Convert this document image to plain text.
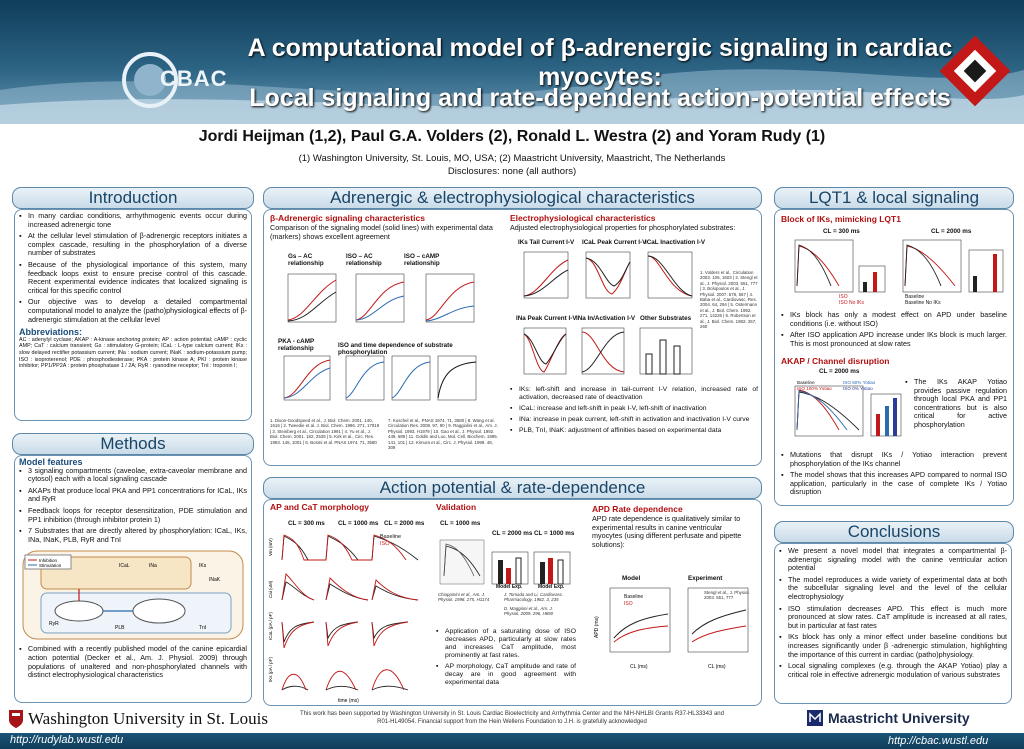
CBAC
A computational model of β-adrenergic signaling in cardiac myocytes:
Local signaling and rate-dependent action-potential effects
Jordi Heijman (1,2), Paul G.A. Volders (2), Ronald L. Westra (2) and Yoram Rudy (1)
(1) Washington University, St. Louis, MO, USA; (2) Maastricht University, Maastricht, The Netherlands
Disclosures: none (all authors)
Introduction
▪ In many cardiac conditions, arrhythmogenic events occur during increased adrenergic tone
▪ At the cellular level stimulation of β-adrenergic receptors initiates a complex cascade, resulting in the phosphorylation of a diverse number of substrates
▪ Because of the physiological importance of this system, many feedback loops exist to ensure precise control of this cascade. Recent experimental evidence indicates that localized signaling is critical for this specific control
▪ Our objective was to develop a detailed compartmental computational model to analyze the (patho)physiological effects of β-adrenergic stimulation at the cellular level
Abbreviations:
AC : adenylyl cyclase; AKAP : A-kinase anchoring protein; AP : action potential; cAMP : cyclic AMP; CaT : calcium transient; Gs : stimulatory G-protein; ICaL : L-type calcium current; IKs : slow delayed rectifier potassium current; INa : sodium current; INaK : sodium-potassium pump; ISO : isoproterenol; PDE : phosphodiesterase; PKA : protein kinase A; PKI : protein kinase inhibitor; PP1/PP2A : protein phosphatase 1 / 2A; RyR : ryanodine receptor; TnI : troponin I;
Methods
Model features
▪ 3 signaling compartments (caveolae, extra-caveolar membrane and cytosol) each with a local signaling cascade
▪ AKAPs that produce local PKA and PP1 concentrations for ICaL, IKs and RyR
▪ Feedback loops for receptor desensitization, PDE stimulation and PP1 inhibition (through inhibitor protein 1)
▪ 7 Substrates that are directly altered by phosphorylation: ICaL, IKs, INa, INaK, PLB, RyR and TnI
Inhibition
Stimulation	ICaL	INa	IKs
INaK
RyR
PLB	TnI
▪ Combined with a recently published model of the canine epicardial action potential (Decker et al., Am. J. Physiol. 2009) through populations of unaltered and non-phosphorylated channels with distinct electrophysiological characteristics
Adrenergic & electrophysiological characteristics
β-Adrenergic signaling characteristics
Comparison of the signaling model (solid lines) with experimental data (markers) shows excellent agreement
Gs – AC relationship
ISO – AC relationship
ISO – cAMP relationship
PKA - cAMP relationship	ISO and time dependence of substrate phosphorylation
1. Dixon-Goodspeed et al., J. Biol. Chem. 2001. 140, 1616 | 2. Tweedie et al. J. Biol. Chem. 1996. 271, 17919 | 3. Steinberg et al., Circulation 1991 | 4. Yu et al., J. Biol. Chem. 2001. 182, 2535 | 5. Kirk et al., Circ. Res. 1993. 145, 1001 | 6. Bosmi et al. PNAS 1974. 71, 3580
7. Kuschel et al., PNAS 1974. 71, 3580 | 8. Wang et al. Circulation Res. 2008. 97, 90 | 9. Raggiolini et al., Am. J. Physiol. 1993. H1979 | 10. Gao et al., J. Physiol. 1992. 449, 689 | 11. Goldin and Luo, Mol. Cell. Biochem. 1995. 141, 101 | 12. Kimura et al., Circ. J. Physiol. 1998. 48, 309
Electrophysiological characteristics
Adjusted electrophysiological properties for phosphorylated substrates:
IKs Tail Current I-V ICaL Peak Current I-V
ICaL Inactivation I-V
1. Volders et al., Circulation 2003. 106, 1603 | 2. Stengl et al., J. Physiol. 2003. 551, 777 | 3. Bolopoulos et al., J. Physiol. 2007. 578, 567 | 4. Baba et al., Cardiovasc. Res. 2004. 64, 294 | 5. Ostermann et al., J. Biol. Chem. 1992. 271, 14226 | 6. Robertson et al., J. Biol. Chem. 1982. 257, 260
INa Peak Current I-V INa In/Activation I-V Other Substrates
▪ IKs: left-shift and increase in tail-current I-V relation, increased rate of activation, decreased rate of deactivation
▪ ICaL: increase and left-shift in peak I-V, left-shift of inactivation
▪ INa: increase in peak current, left-shift in activation and inactivation I-V curve
▪ PLB, TnI, INaK: adjustment of affinities based on experimental data
Action potential & rate-dependence
AP and CaT morphology
CL = 300 ms CL = 1000 ms CL = 2000 ms
Vm (mV)
Cai (uM)
ICaL (pA / pF)
IKs (pA / pF)
time (ms)
Baseline
ISO
Validation
CL = 1000 ms
CL = 2000 ms CL = 1000 ms
Model Exp.	Model Exp.
Chiappinini et al., Am. J. Physiol. 1998. 275, H1174
J. Tomada and Li, Cardiovasc. Pharmacology. 1982. 3, 235
D. Maggioni et al., Am. J. Physiol. 2009. 296, H690
▪ Application of a saturating dose of ISO decreases APD, particularly at slow rates and increases CaT amplitude, most prominently at fast rates.
▪ AP morphology, CaT amplitude and rate of decay are in good agreement with experimental data
APD Rate dependence
APD rate dependence is qualitatively similar to experimental results in canine ventricular myocytes (using different perfusate and pipette solutions):
Model	Experiment
APD (ms)
CL (ms)	CL (ms)
Baseline
ISO
Stengl et al., J. Physiol. 2003. 551, 777
LQT1 & local signaling
Block of IKs, mimicking LQT1
CL = 300 ms	CL = 2000 ms
ISO
ISO No IKs
Baseline
Baseline No IKs
▪ IKs block has only a modest effect on APD under baseline conditions (i.e. without ISO)
▪ After ISO application APD increase under IKs block is much larger. This is most pronounced at slow rates
AKAP / Channel disruption
CL = 2000 ms
Baseline
ISO 100% Yotiao
ISO 50% Yotiao
ISO 0% Yotiao
▪ The IKs AKAP Yotiao provides passive regulation through local PKA and PP1 concentrations but is also critical for active phosphorylation
▪ Mutations that disrupt IKs / Yotiao interaction prevent phosphorylation of the IKs channel
▪ The model shows that this increases APD compared to normal ISO application, particularly in the case of complete IKs / Yotiao disruption
Conclusions
▪ We present a novel model that integrates a compartmental β-adrenergic signaling model with the canine ventricular action potential
▪ The model reproduces a wide variety of experimental data at both the subcellular signaling level and the level of the cellular electrophysiology
▪ ISO stimulation decreases APD. This effect is much more pronounced at slow rates. CaT amplitude is increased at all rates, but in particular at fast rates
▪ IKs block has only a minor effect under baseline conditions but increases significantly under β -adrenergic stimulation, highlighting the importance of this current in cardiac (patho)physiology.
▪ Local signaling complexes (e.g. through the AKAP Yotiao) play a critical role in effective adrenergic modulation of various substrates
Washington University in St. Louis	This work has been supported by Washington University in St. Louis Cardiac Bioelectricity and Arrhythmia Center and the NIH-NHLBI Grants R37-HL33343 and R01-HL49054. Financial support from the Hein Wellens Foundation to J.H. is gratefully acknowledged	Maastricht University
http://rudylab.wustl.edu	http://cbac.wustl.edu
